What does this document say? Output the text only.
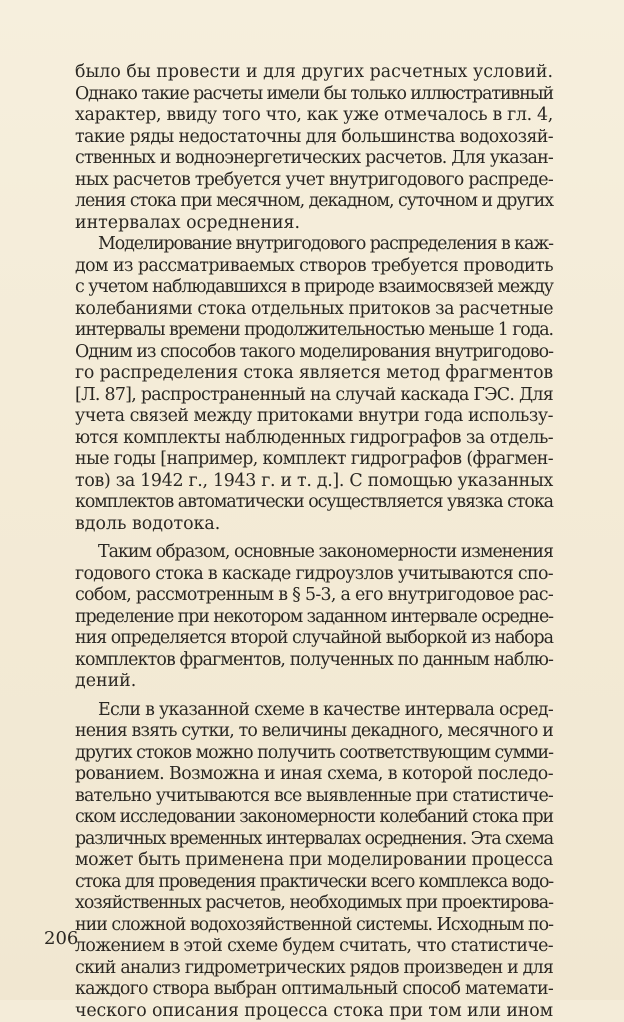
было бы провести и для других расчетных условий.
Однако такие расчеты имели бы только иллюстративный
характер, ввиду того что, как уже отмечалось в гл. 4,
такие ряды недостаточны для большинства водохозяй-
ственных и водноэнергетических расчетов. Для указан-
ных расчетов требуется учет внутригодового распреде-
ления стока при месячном, декадном, суточном и других
интервалах осреднения.

Моделирование внутригодового распределения в каж-
дом из рассматриваемых створов требуется проводить
с учетом наблюдавшихся в природе взаимосвязей между
колебаниями стока отдельных притоков за расчетные
интервалы времени продолжительностью меньше 1 года.
Одним из способов такого моделирования внутригодово-
го распределения стока является метод фрагментов
[Л. 87], распространенный на случай каскада ГЭС. Для
учета связей между притоками внутри года использу-
ются комплекты наблюденных гидрографов за отдель-
ные годы [например, комплект гидрографов (фрагмен-
тов) за 1942 г., 1943 г. и т. д.]. С помощью указанных
комплектов автоматически осуществляется увязка стока
вдоль водотока.

Таким образом, основные закономерности изменения
годового стока в каскаде гидроузлов учитываются спо-
собом, рассмотренным в § 5-3, а его внутригодовое рас-
пределение при некотором заданном интервале осредне-
ния определяется второй случайной выборкой из набора
комплектов фрагментов, полученных по данным наблю-
дений.

Если в указанной схеме в качестве интервала осред-
нения взять сутки, то величины декадного, месячного и
других стоков можно получить соответствующим сумми-
рованием. Возможна и иная схема, в которой последо-
вательно учитываются все выявленные при статистиче-
ском исследовании закономерности колебаний стока при
различных временных интервалах осреднения. Эта схема
может быть применена при моделировании процесса
стока для проведения практически всего комплекса водо-
хозяйственных расчетов, необходимых при проектирова-
нии сложной водохозяйственной системы. Исходным по-
ложением в этой схеме будем считать, что статистиче-
ский анализ гидрометрических рядов произведен и для
каждого створа выбран оптимальный способ математи-
ческого описания процесса стока при том или ином

206
